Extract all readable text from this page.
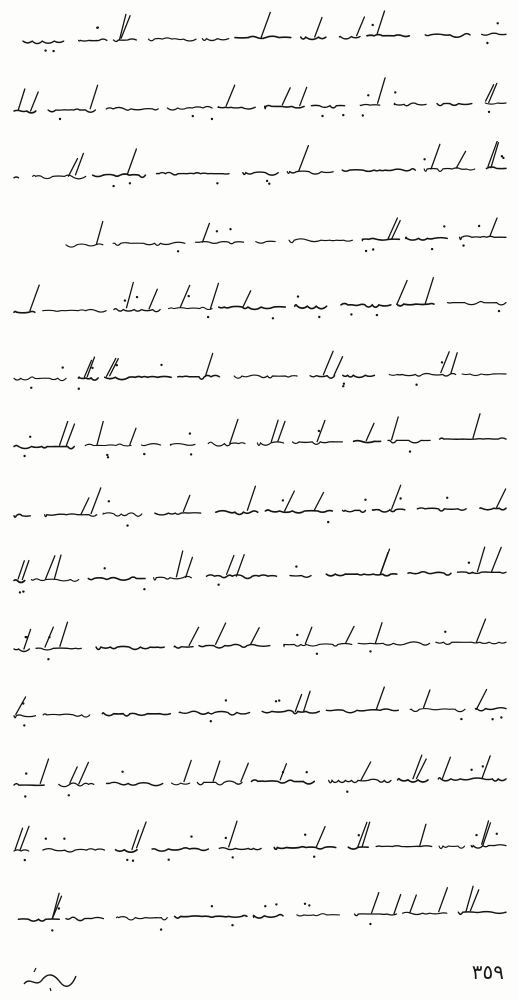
٣٥٩
